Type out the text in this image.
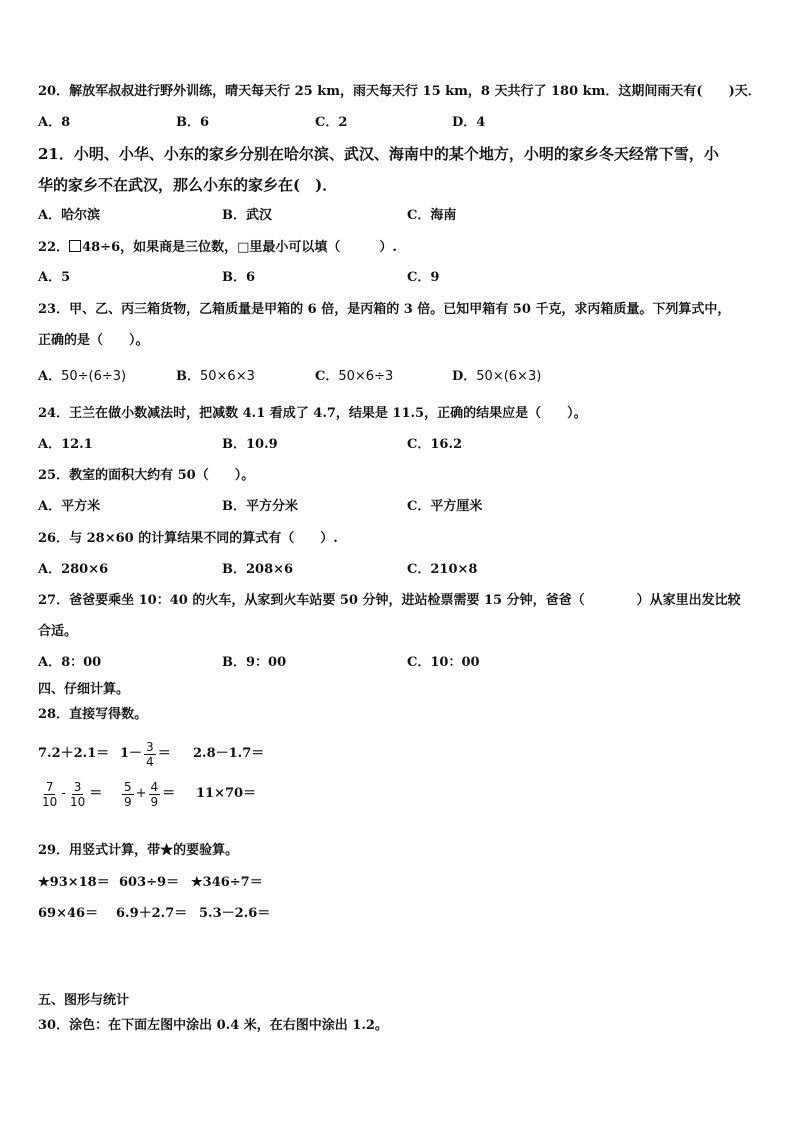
20．解放军叔叔进行野外训练，晴天每天行 25 km，雨天每天行 15 km，8 天共行了 180 km．这期间雨天有(　　)天．
A．8	B．6	C．2	D．4
21．小明、小华、小东的家乡分别在哈尔滨、武汉、海南中的某个地方，小明的家乡冬天经常下雪，小
华的家乡不在武汉，那么小东的家乡在(　)．
A．哈尔滨	B．武汉	C．海南
22． 48÷6，如果商是三位数，□里最小可以填（　　　）.
A．5	B．6	C．9
23．甲、乙、丙三箱货物，乙箱质量是甲箱的 6 倍，是丙箱的 3 倍。已知甲箱有 50 千克，求丙箱质量。下列算式中，
正确的是（　　）。
A．50÷(6÷3)	B．50×6×3	C．50×6÷3	D．50×(6×3)
24．王兰在做小数减法时，把减数 4.1 看成了 4.7，结果是 11.5，正确的结果应是（　　）。
A．12.1	B．10.9	C．16.2
25．教室的面积大约有 50（　　）。
A．平方米	B．平方分米	C．平方厘米
26．与 28×60 的计算结果不同的算式有（　　）.
A．280×6	B．208×6	C．210×8
27．爸爸要乘坐 10：40 的火车，从家到火车站要 50 分钟，进站检票需要 15 分钟，爸爸（　　　　）从家里出发比较
合适。
A．8：00	B．9：00	C．10：00
四、仔细计算。
28．直接写得数。
$7.2+2.1= 1- \frac{3}{4} = 2.8-1.7=$
$\frac{7}{10} - \frac{3}{10} = \frac{5}{9} + \frac{4}{9} = 11\times 70=$
29．用竖式计算，带★的要验算。
★93×18＝ 603÷9＝ ★346÷7＝
69×46＝ 6.9＋2.7＝ 5.3－2.6＝
五、图形与统计
30．涂色：在下面左图中涂出 0.4 米，在右图中涂出 1.2。
